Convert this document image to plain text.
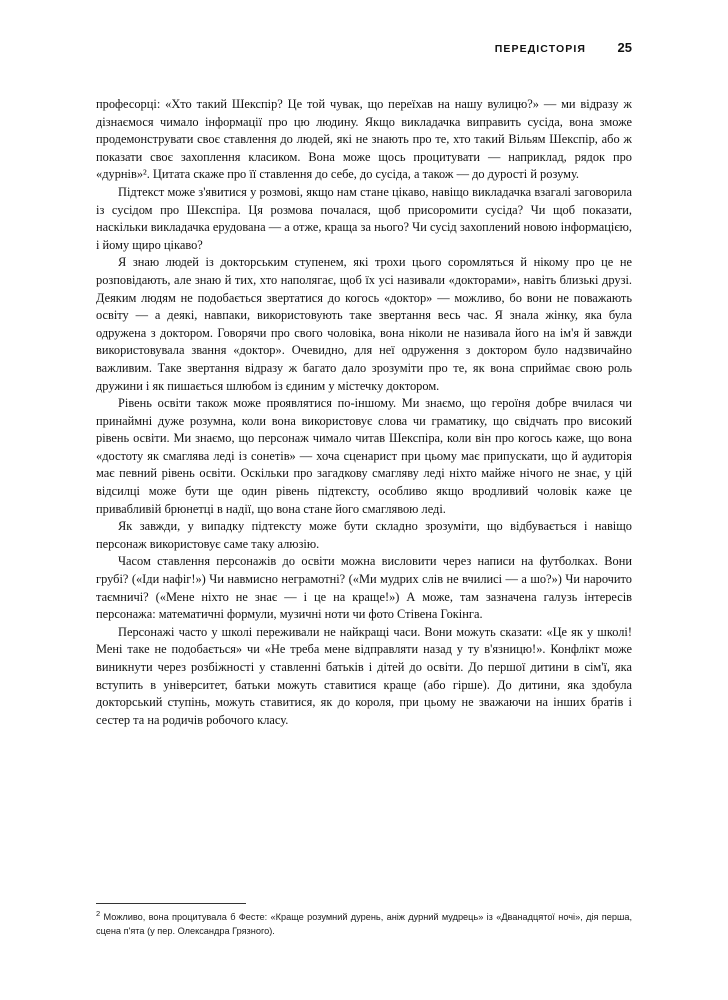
ПЕРЕДІСТОРІЯ 25

професорці: «Хто такий Шекспір? Це той чувак, що переїхав на нашу вулицю?» — ми відразу ж дізнаємося чимало інформації про цю людину. Якщо викладачка виправить сусіда, вона зможе продемонструвати своє ставлення до людей, які не знають про те, хто такий Вільям Шекспір, або ж показати своє захоплення класиком. Вона може щось процитувати — наприклад, рядок про «дурнів»². Цитата скаже про її ставлення до себе, до сусіда, а також — до дурості й розуму.

Підтекст може з'явитися у розмові, якщо нам стане цікаво, навіщо викладачка взагалі заговорила із сусідом про Шекспіра. Ця розмова почалася, щоб присоромити сусіда? Чи щоб показати, наскільки викладачка ерудована — а отже, краща за нього? Чи сусід захоплений новою інформацією, і йому щиро цікаво?

Я знаю людей із докторським ступенем, які трохи цього соромляться й нікому про це не розповідають, але знаю й тих, хто наполягає, щоб їх усі називали «докторами», навіть близькі друзі. Деяким людям не подобається звертатися до когось «доктор» — можливо, бо вони не поважають освіту — а деякі, навпаки, використовують таке звертання весь час. Я знала жінку, яка була одружена з доктором. Говорячи про свого чоловіка, вона ніколи не називала його на ім'я й завжди використовувала звання «доктор». Очевидно, для неї одруження з доктором було надзвичайно важливим. Таке звертання відразу ж багато дало зрозуміти про те, як вона сприймає свою роль дружини і як пишається шлюбом із єдиним у містечку доктором.

Рівень освіти також може проявлятися по-іншому. Ми знаємо, що героїня добре вчилася чи принаймні дуже розумна, коли вона використовує слова чи граматику, що свідчать про високий рівень освіти. Ми знаємо, що персонаж чимало читав Шекспіра, коли він про когось каже, що вона «достоту як смаглява леді із сонетів» — хоча сценарист при цьому має припускати, що й аудиторія має певний рівень освіти. Оскільки про загадкову смагляву леді ніхто майже нічого не знає, у цій відсилці може бути ще один рівень підтексту, особливо якщо вродливий чоловік каже це привабливій брюнетці в надії, що вона стане його смаглявою леді.

Як завжди, у випадку підтексту може бути складно зрозуміти, що відбувається і навіщо персонаж використовує саме таку алюзію.

Часом ставлення персонажів до освіти можна висловити через написи на футболках. Вони грубі? («Іди нафіг!») Чи навмисно неграмотні? («Ми мудрих слів не вчилисі — а шо?») Чи нарочито таємничі? («Мене ніхто не знає — і це на краще!») А може, там зазначена галузь інтересів персонажа: математичні формули, музичні ноти чи фото Стівена Гокінга.

Персонажі часто у школі переживали не найкращі часи. Вони можуть сказати: «Це як у школі! Мені таке не подобається» чи «Не треба мене відправляти назад у ту в'язницю!». Конфлікт може виникнути через розбіжності у ставленні батьків і дітей до освіти. До першої дитини в сім'ї, яка вступить в університет, батьки можуть ставитися краще (або гірше). До дитини, яка здобула докторський ступінь, можуть ставитися, як до короля, при цьому не зважаючи на інших братів і сестер та на родичів робочого класу.

$^2$ Можливо, вона процитувала б Фесте: «Краще розумний дурень, аніж дурний мудрець» із «Дванадцятої ночі», дія перша, сцена п'ята (у пер. Олександра Грязного).
